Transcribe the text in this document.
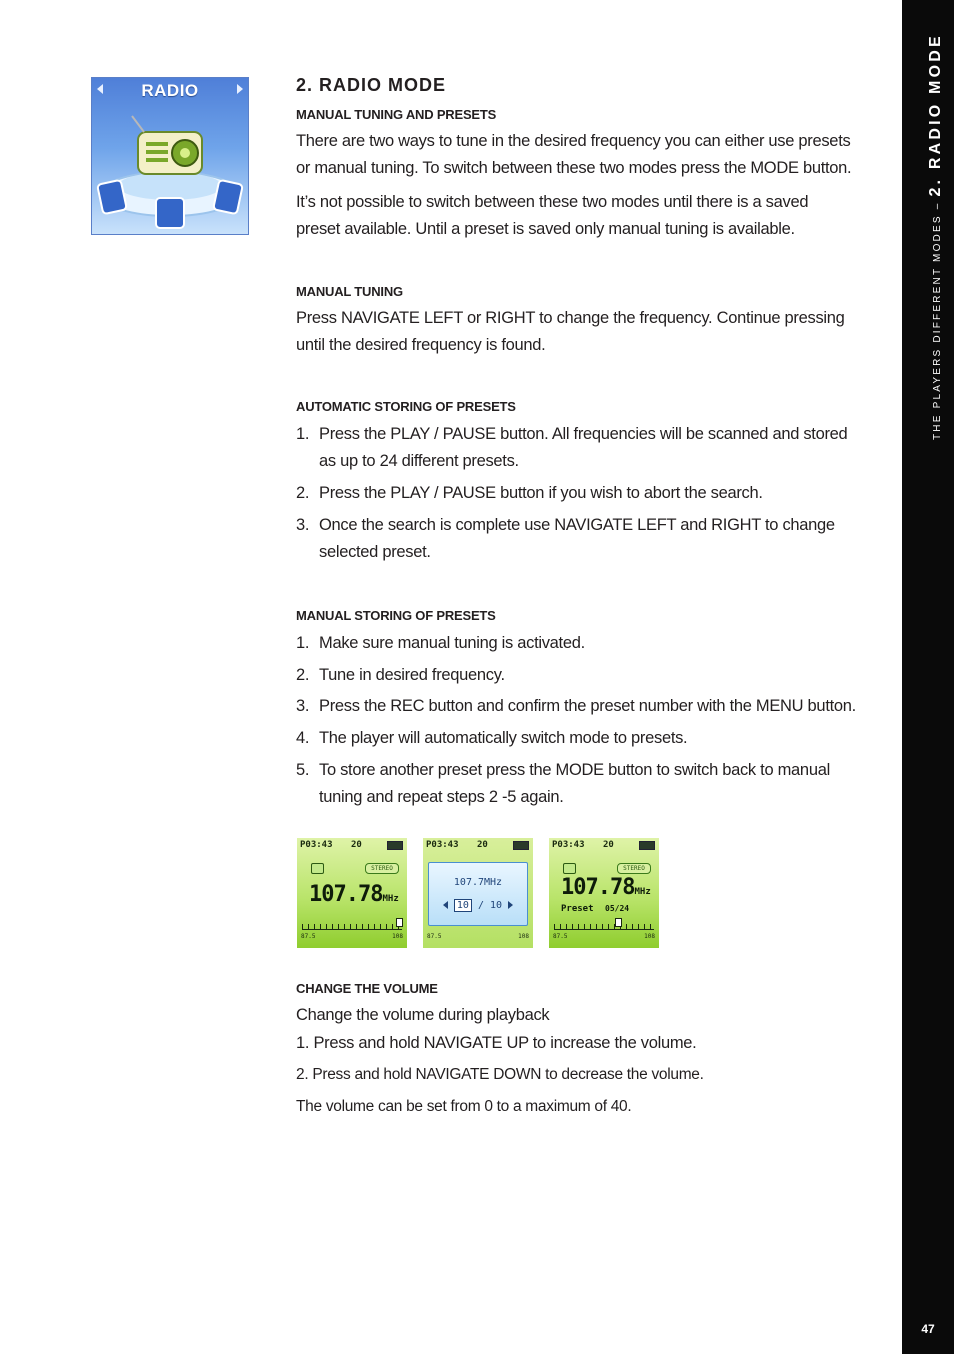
THE PLAYERS DIFFERENT MODES – 2. RADIO MODE
47
RADIO	2. RADIO MODE
MANUAL TUNING AND PRESETS
There are two ways to tune in the desired frequency you can either use presets or manual tuning. To switch between these two modes press the MODE button.
It’s not possible to switch between these two modes until there is a saved preset available. Until a preset is saved only manual tuning is available.
MANUAL TUNING
Press NAVIGATE LEFT or RIGHT to change the frequency. Continue pressing until the desired frequency is found.
AUTOMATIC STORING OF PRESETS
1. Press the PLAY / PAUSE button. All frequencies will be scanned and stored as up to 24 different presets.
2. Press the PLAY / PAUSE button if you wish to abort the search.
3. Once the search is complete use NAVIGATE LEFT and RIGHT to change selected preset.
MANUAL STORING OF PRESETS
1. Make sure manual tuning is activated.
2. Tune in desired frequency.
3. Press the REC button and confirm the preset number with the MENU button.
4. The player will automatically switch mode to presets.
5. To store another preset press the MODE button to switch back to manual tuning and repeat steps 2 -5 again.
P03:43 20
STEREO
107.78MHz
87.5	108
P03:43 20
107.7MHz
10 / 10
87.5	108
P03:43 20
STEREO
107.78MHz
Preset 05/24
87.5	108
CHANGE THE VOLUME
Change the volume during playback
1. Press and hold NAVIGATE UP to increase the volume.
2. Press and hold NAVIGATE DOWN to decrease the volume.
The volume can be set from 0 to a maximum of 40.
